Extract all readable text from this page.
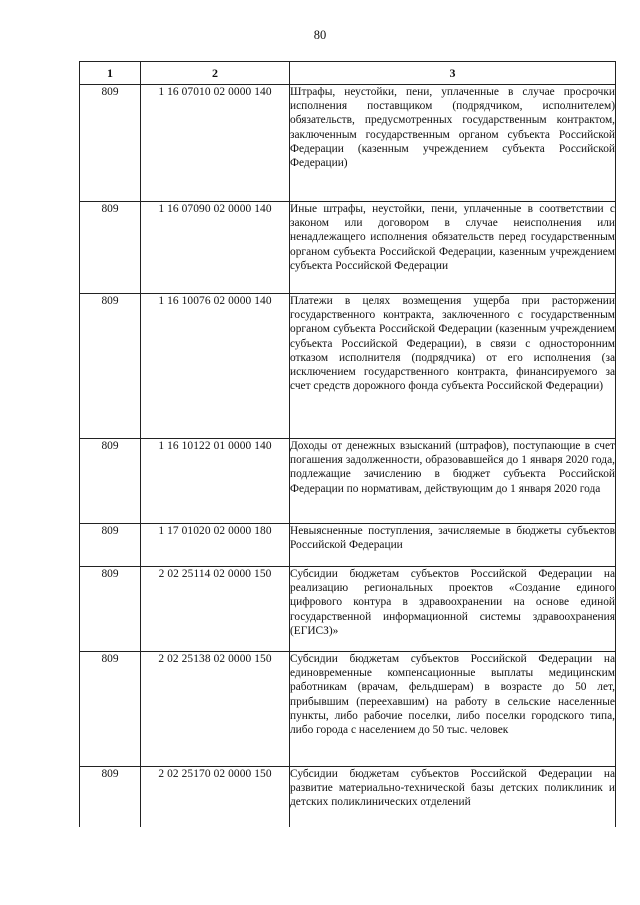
80
1	2	3
809	1 16 07010 02 0000 140	Штрафы, неустойки, пени, уплаченные в случае просрочки исполнения поставщиком (подрядчиком, исполнителем) обязательств, предусмотренных государственным контрактом, заключенным государственным органом субъекта Российской Федерации (казенным учреждением субъекта Российской Федерации)
809	1 16 07090 02 0000 140	Иные штрафы, неустойки, пени, уплаченные в соответствии с законом или договором в случае неисполнения или ненадлежащего исполнения обязательств перед государственным органом субъекта Российской Федерации, казенным учреждением субъекта Российской Федерации
809	1 16 10076 02 0000 140	Платежи в целях возмещения ущерба при расторжении государственного контракта, заключенного с государственным органом субъекта Российской Федерации (казенным учреждением субъекта Российской Федерации), в связи с односторонним отказом исполнителя (подрядчика) от его исполнения (за исключением государственного контракта, финансируемого за счет средств дорожного фонда субъекта Российской Федерации)
809	1 16 10122 01 0000 140	Доходы от денежных взысканий (штрафов), поступающие в счет погашения задолженности, образовавшейся до 1 января 2020 года, подлежащие зачислению в бюджет субъекта Российской Федерации по нормативам, действующим до 1 января 2020 года
809	1 17 01020 02 0000 180	Невыясненные поступления, зачисляемые в бюджеты субъектов Российской Федерации
809	2 02 25114 02 0000 150	Субсидии бюджетам субъектов Российской Федерации на реализацию региональных проектов «Создание единого цифрового контура в здравоохранении на основе единой государственной информационной системы здравоохранения (ЕГИСЗ)»
809	2 02 25138 02 0000 150	Субсидии бюджетам субъектов Российской Федерации на единовременные компенсационные выплаты медицинским работникам (врачам, фельдшерам) в возрасте до 50 лет, прибывшим (переехавшим) на работу в сельские населенные пункты, либо рабочие поселки, либо поселки городского типа, либо города с населением до 50 тыс. человек
809	2 02 25170 02 0000 150	Субсидии бюджетам субъектов Российской Федерации на развитие материально-технической базы детских поликлиник и детских поликлинических отделений
